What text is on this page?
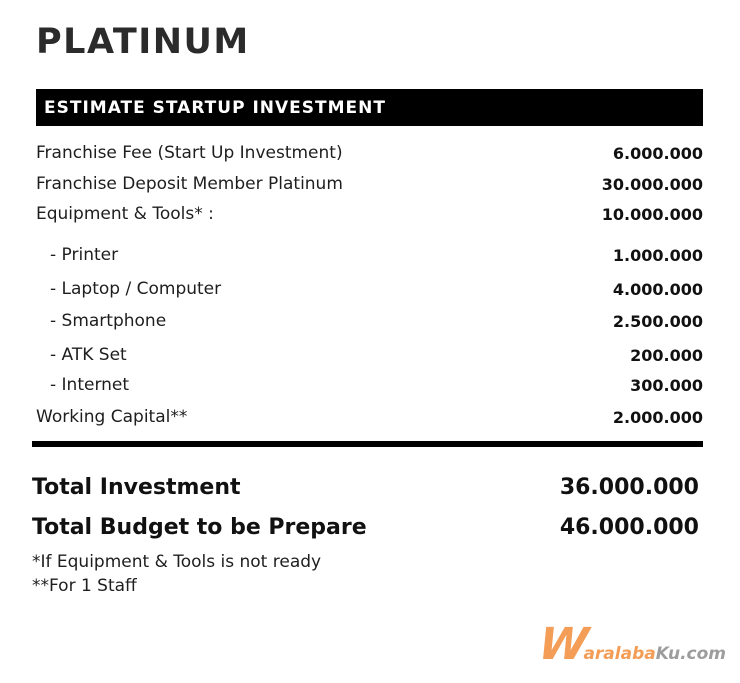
PLATINUM
ESTIMATE STARTUP INVESTMENT
Franchise Fee (Start Up Investment)	6.000.000
Franchise Deposit Member Platinum	30.000.000
Equipment & Tools* :	10.000.000
- Printer	1.000.000
- Laptop / Computer	4.000.000
- Smartphone	2.500.000
- ATK Set	200.000
- Internet	300.000
Working Capital**	2.000.000
Total Investment	36.000.000
Total Budget to be Prepare	46.000.000
*If Equipment & Tools is not ready
**For 1 Staff
W
aralaba Ku.com
